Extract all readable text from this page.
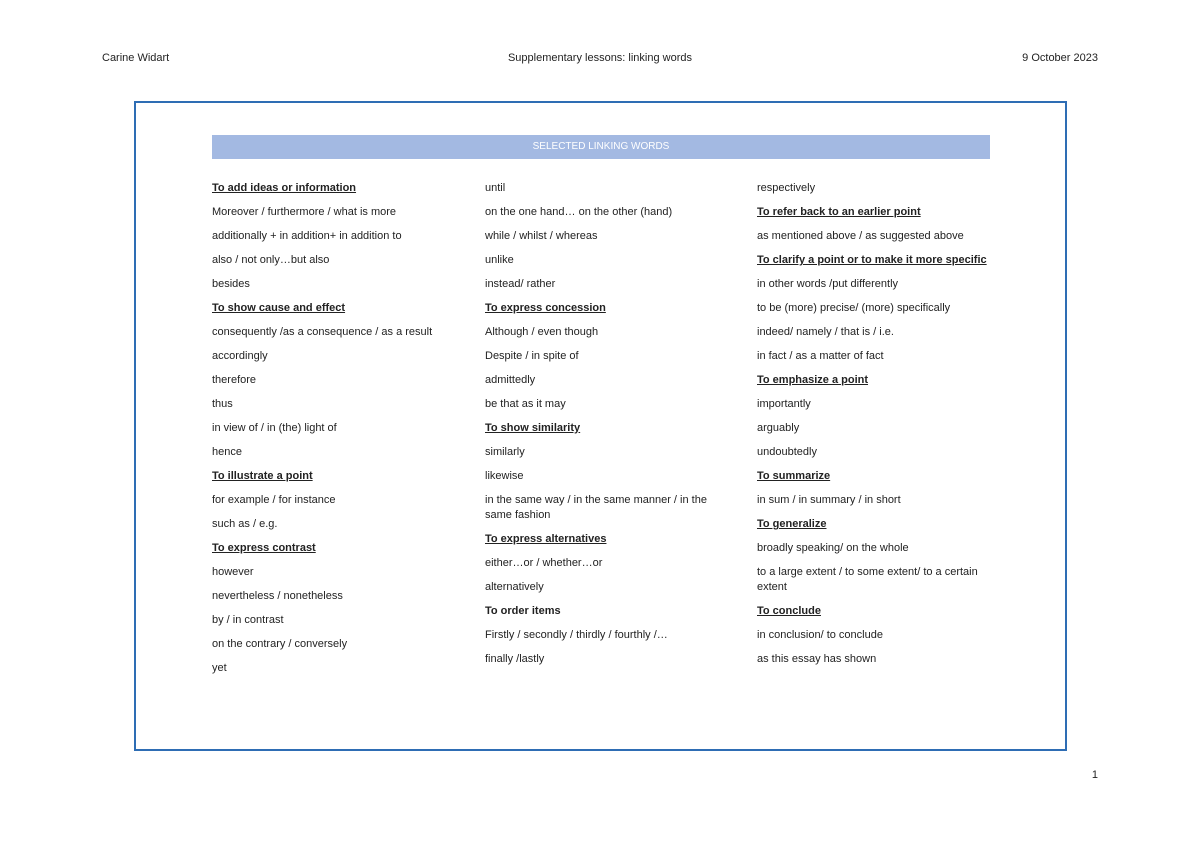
Carine Widart	Supplementary lessons: linking words	9 October 2023
SELECTED LINKING WORDS
To add ideas or information
Moreover / furthermore / what is more
additionally + in addition+ in addition to
also / not only…but also
besides
To show cause and effect
consequently /as a consequence / as a result
accordingly
therefore
thus
in view of / in (the) light of
hence
To illustrate a point
for example / for instance
such as / e.g.
To express contrast
however
nevertheless / nonetheless
by / in contrast
on the contrary / conversely
yet
until
on the one hand… on the other (hand)
while / whilst / whereas
unlike
instead/ rather
To express concession
Although / even though
Despite / in spite of
admittedly
be that as it may
To show similarity
similarly
likewise
in the same way / in the same manner / in the same fashion
To express alternatives
either…or / whether…or
alternatively
To order items
Firstly / secondly / thirdly / fourthly /…
finally /lastly
respectively
To refer back to an earlier point
as mentioned above / as suggested above
To clarify a point or to make it more specific
in other words /put differently
to be (more) precise/ (more) specifically
indeed/ namely / that is / i.e.
in fact / as a matter of fact
To emphasize a point
importantly
arguably
undoubtedly
To summarize
in sum / in summary / in short
To generalize
broadly speaking/ on the whole
to a large extent / to some extent/ to a certain extent
To conclude
in conclusion/ to conclude
as this essay has shown
1
